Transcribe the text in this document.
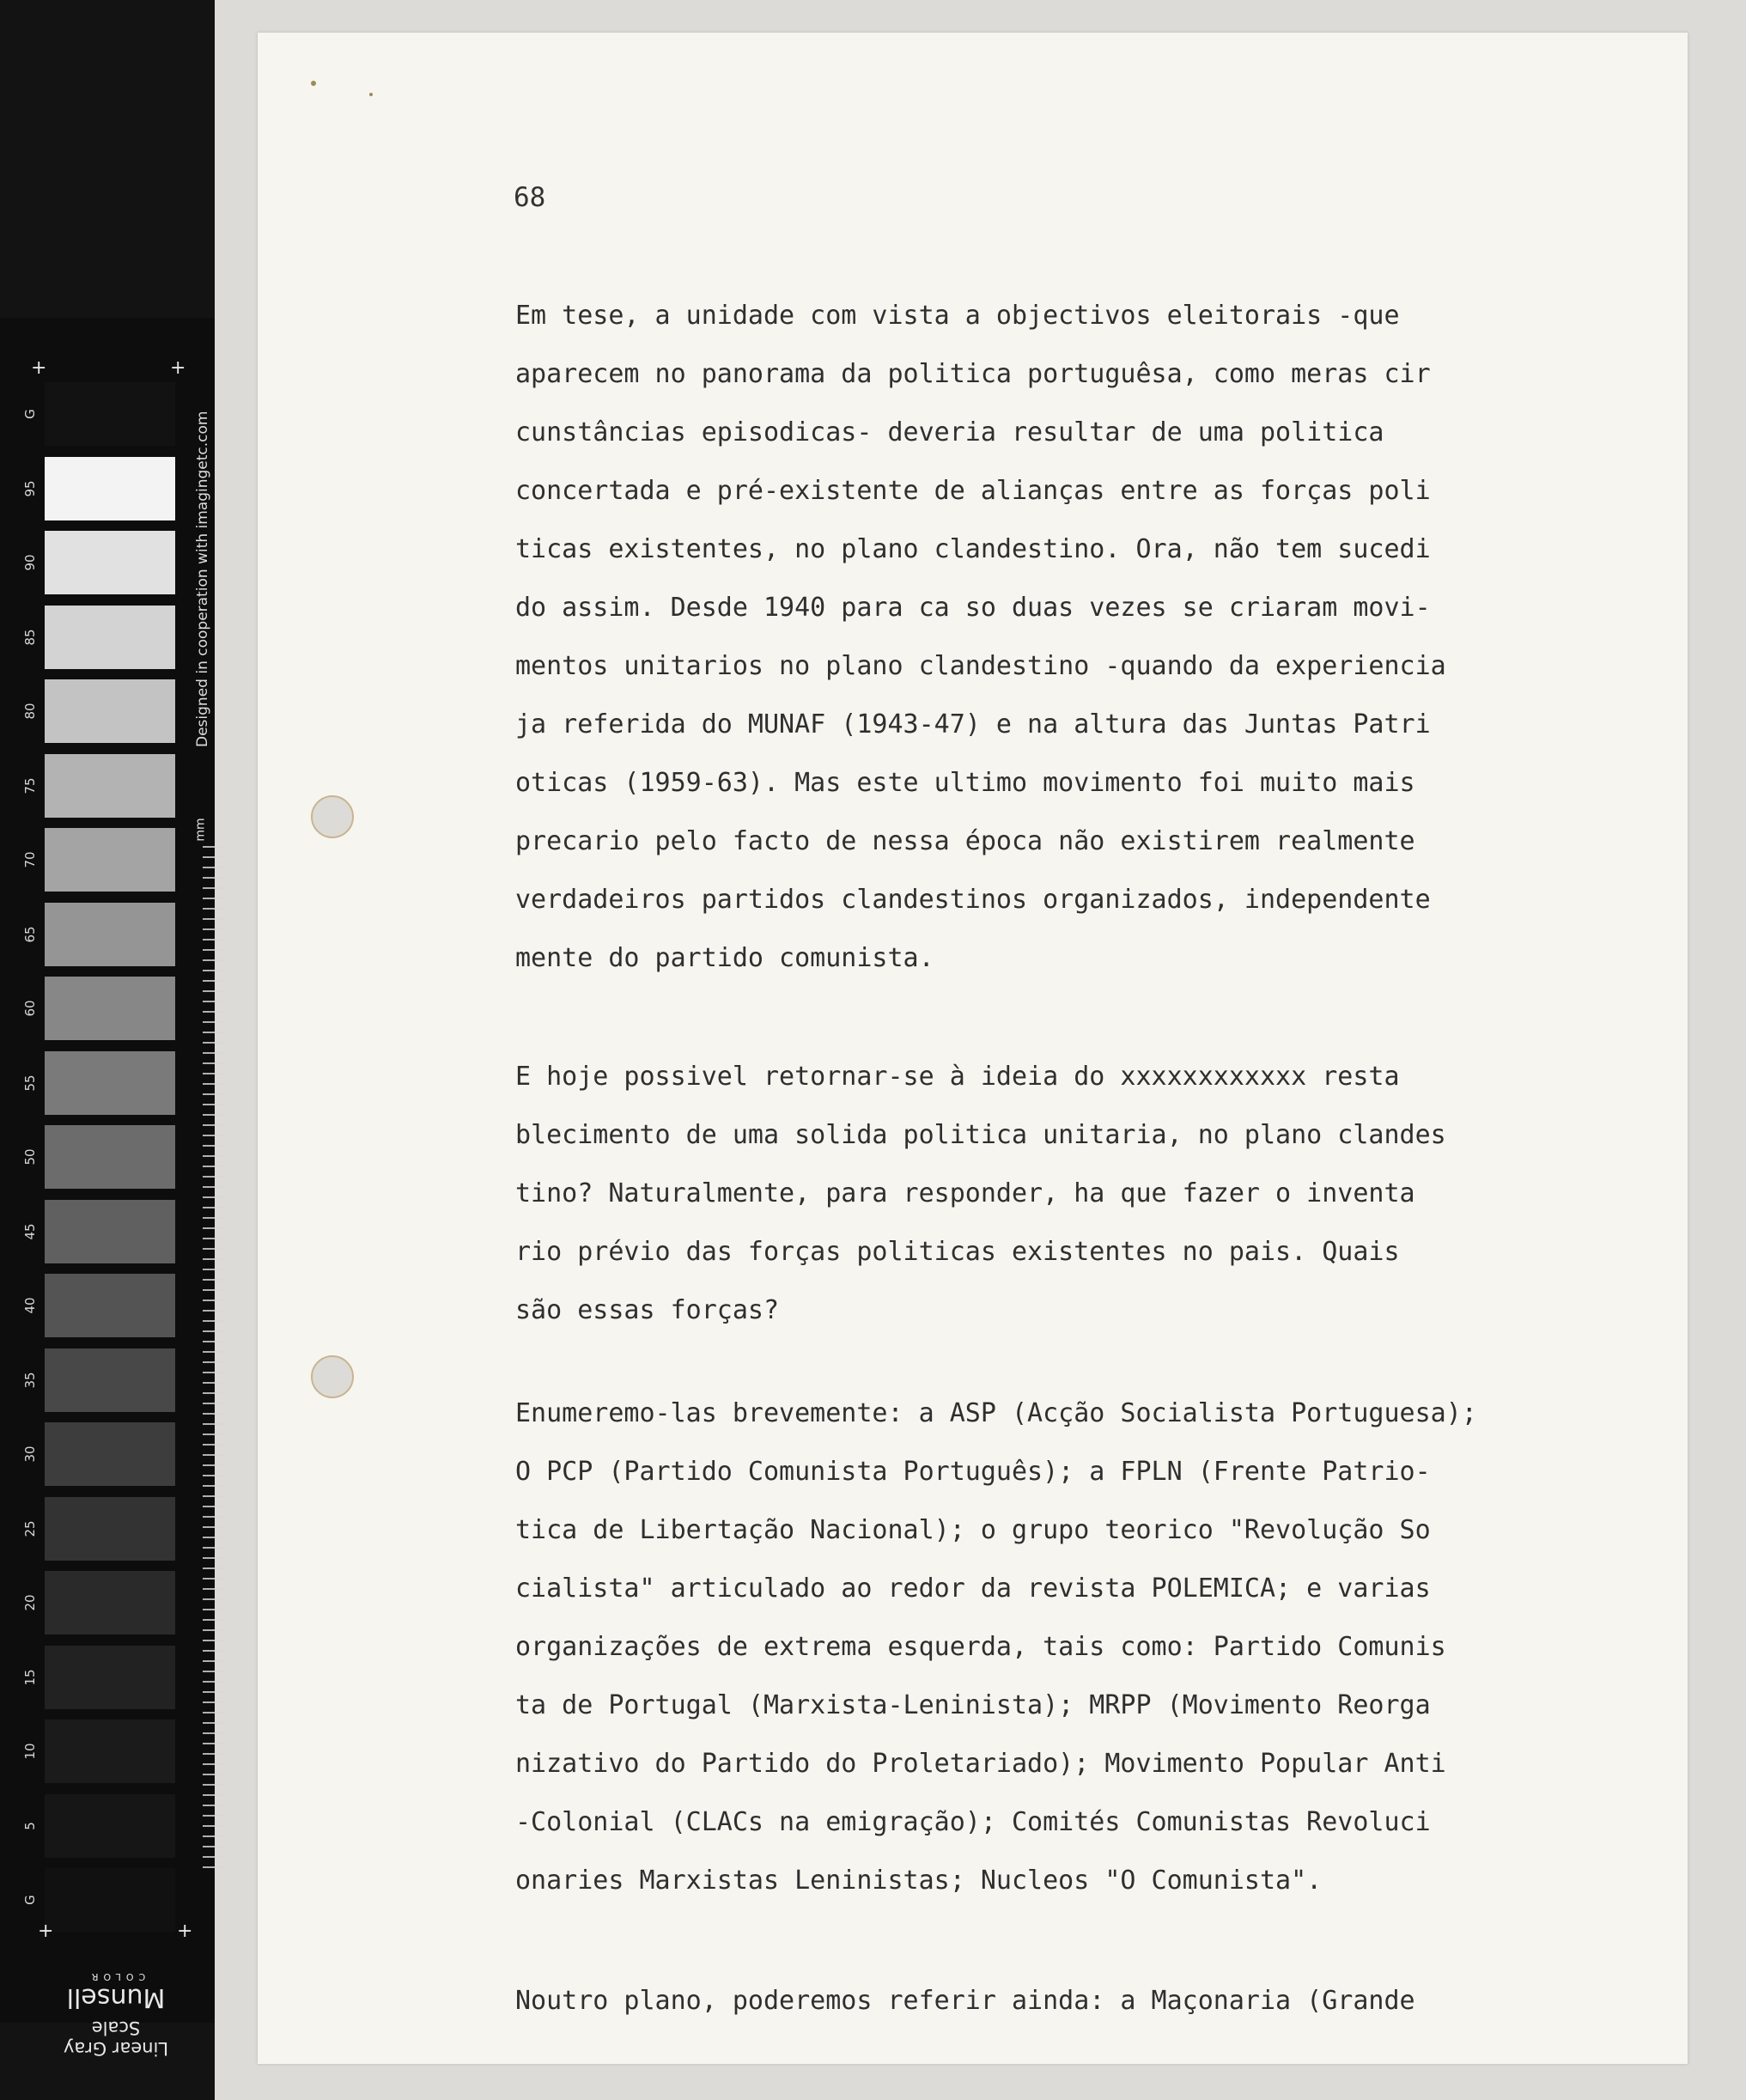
G
95
90
85
80
75
70
65
60
55
50
45
40
35
30
25
20
15
10
5
G
+	+
+	+
Designed in cooperation with imagingetc.com
mm
Linear Gray Scale
Munsell
COLOR
68
Em tese, a unidade com vista a objectivos eleitorais -que
aparecem no panorama da politica portuguêsa, como meras cir
cunstâncias episodicas- deveria resultar de uma politica
concertada e pré-existente de alianças entre as forças poli
ticas existentes, no plano clandestino. Ora, não tem sucedi
do assim. Desde 1940 para ca so duas vezes se criaram movi-
mentos unitarios no plano clandestino -quando da experiencia
ja referida do MUNAF (1943-47) e na altura das Juntas Patri
oticas (1959-63). Mas este ultimo movimento foi muito mais
precario pelo facto de nessa época não existirem realmente
verdadeiros partidos clandestinos organizados, independente
mente do partido comunista.
E hoje possivel retornar-se à ideia do xxxxxxxxxxxx resta
blecimento de uma solida politica unitaria, no plano clandes
tino? Naturalmente, para responder, ha que fazer o inventa
rio prévio das forças politicas existentes no pais. Quais
são essas forças?
Enumeremo-las brevemente: a ASP (Acção Socialista Portuguesa);
O PCP (Partido Comunista Português); a FPLN (Frente Patrio-
tica de Libertação Nacional); o grupo teorico "Revolução So
cialista" articulado ao redor da revista POLEMICA; e varias
organizações de extrema esquerda, tais como: Partido Comunis
ta de Portugal (Marxista-Leninista); MRPP (Movimento Reorga
nizativo do Partido do Proletariado); Movimento Popular Anti
-Colonial (CLACs na emigração); Comités Comunistas Revoluci
onaries Marxistas Leninistas; Nucleos "O Comunista".
Noutro plano, poderemos referir ainda: a Maçonaria (Grande
